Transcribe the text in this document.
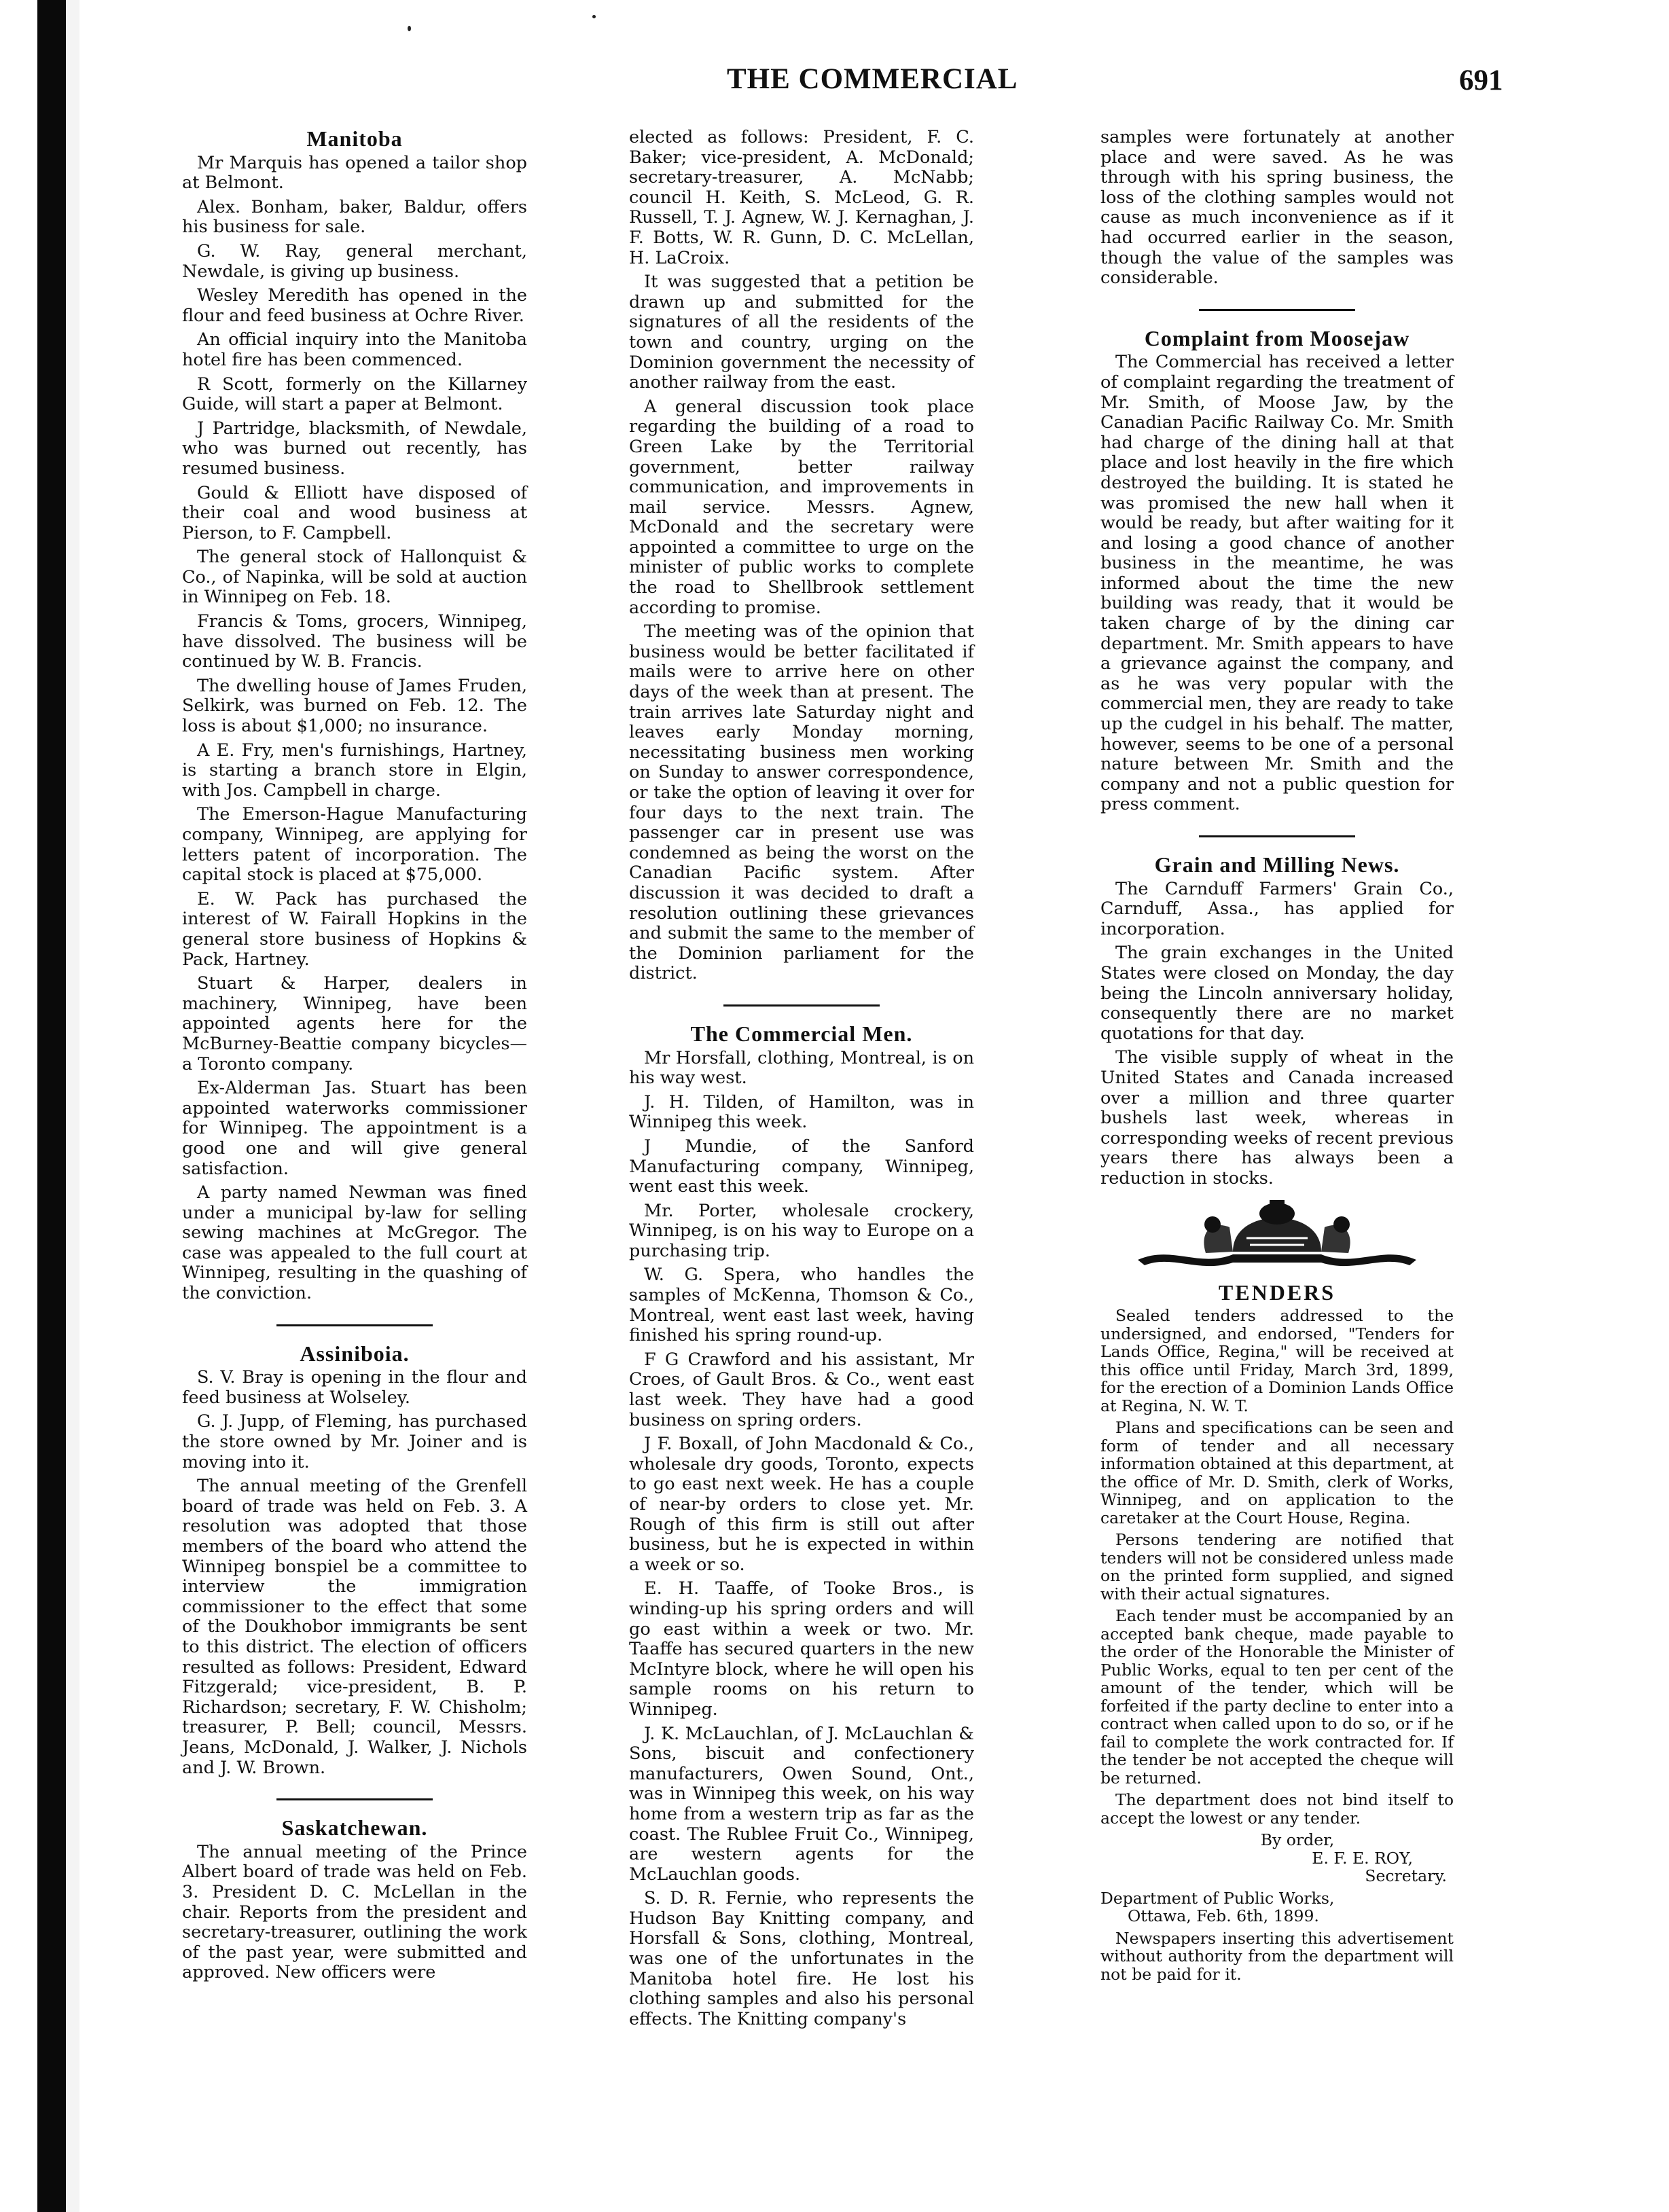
THE COMMERCIAL	691
Manitoba

Mr Marquis has opened a tailor shop at Belmont.

Alex. Bonham, baker, Baldur, offers his business for sale.

G. W. Ray, general merchant, Newdale, is giving up business.

Wesley Meredith has opened in the flour and feed business at Ochre River.

An official inquiry into the Manitoba hotel fire has been commenced.

R Scott, formerly on the Killarney Guide, will start a paper at Belmont.

J Partridge, blacksmith, of Newdale, who was burned out recently, has resumed business.

Gould & Elliott have disposed of their coal and wood business at Pierson, to F. Campbell.

The general stock of Hallonquist & Co., of Napinka, will be sold at auction in Winnipeg on Feb. 18.

Francis & Toms, grocers, Winnipeg, have dissolved. The business will be continued by W. B. Francis.

The dwelling house of James Fruden, Selkirk, was burned on Feb. 12. The loss is about $1,000; no insurance.

A E. Fry, men's furnishings, Hartney, is starting a branch store in Elgin, with Jos. Campbell in charge.

The Emerson-Hague Manufacturing company, Winnipeg, are applying for letters patent of incorporation. The capital stock is placed at $75,000.

E. W. Pack has purchased the interest of W. Fairall Hopkins in the general store business of Hopkins & Pack, Hartney.

Stuart & Harper, dealers in machinery, Winnipeg, have been appointed agents here for the McBurney-Beattie company bicycles—a Toronto company.

Ex-Alderman Jas. Stuart has been appointed waterworks commissioner for Winnipeg. The appointment is a good one and will give general satisfaction.

A party named Newman was fined under a municipal by-law for selling sewing machines at McGregor. The case was appealed to the full court at Winnipeg, resulting in the quashing of the conviction.

Assiniboia.

S. V. Bray is opening in the flour and feed business at Wolseley.

G. J. Jupp, of Fleming, has purchased the store owned by Mr. Joiner and is moving into it.

The annual meeting of the Grenfell board of trade was held on Feb. 3. A resolution was adopted that those members of the board who attend the Winnipeg bonspiel be a committee to interview the immigration commissioner to the effect that some of the Doukhobor immigrants be sent to this district. The election of officers resulted as follows: President, Edward Fitzgerald; vice-president, B. P. Richardson; secretary, F. W. Chisholm; treasurer, P. Bell; council, Messrs. Jeans, McDonald, J. Walker, J. Nichols and J. W. Brown.

Saskatchewan.

The annual meeting of the Prince Albert board of trade was held on Feb. 3. President D. C. McLellan in the chair. Reports from the president and secretary-treasurer, outlining the work of the past year, were submitted and approved. New officers were

elected as follows: President, F. C. Baker; vice-president, A. McDonald; secretary-treasurer, A. McNabb; council H. Keith, S. McLeod, G. R. Russell, T. J. Agnew, W. J. Kernaghan, J. F. Botts, W. R. Gunn, D. C. McLellan, H. LaCroix.

It was suggested that a petition be drawn up and submitted for the signatures of all the residents of the town and country, urging on the Dominion government the necessity of another railway from the east.

A general discussion took place regarding the building of a road to Green Lake by the Territorial government, better railway communication, and improvements in mail service. Messrs. Agnew, McDonald and the secretary were appointed a committee to urge on the minister of public works to complete the road to Shellbrook settlement according to promise.

The meeting was of the opinion that business would be better facilitated if mails were to arrive here on other days of the week than at present. The train arrives late Saturday night and leaves early Monday morning, necessitating business men working on Sunday to answer correspondence, or take the option of leaving it over for four days to the next train. The passenger car in present use was condemned as being the worst on the Canadian Pacific system. After discussion it was decided to draft a resolution outlining these grievances and submit the same to the member of the Dominion parliament for the district.

The Commercial Men.

Mr Horsfall, clothing, Montreal, is on his way west.

J. H. Tilden, of Hamilton, was in Winnipeg this week.

J Mundie, of the Sanford Manufacturing company, Winnipeg, went east this week.

Mr. Porter, wholesale crockery, Winnipeg, is on his way to Europe on a purchasing trip.

W. G. Spera, who handles the samples of McKenna, Thomson & Co., Montreal, went east last week, having finished his spring round-up.

F G Crawford and his assistant, Mr Croes, of Gault Bros. & Co., went east last week. They have had a good business on spring orders.

J F. Boxall, of John Macdonald & Co., wholesale dry goods, Toronto, expects to go east next week. He has a couple of near-by orders to close yet. Mr. Rough of this firm is still out after business, but he is expected in within a week or so.

E. H. Taaffe, of Tooke Bros., is winding-up his spring orders and will go east within a week or two. Mr. Taaffe has secured quarters in the new McIntyre block, where he will open his sample rooms on his return to Winnipeg.

J. K. McLauchlan, of J. McLauchlan & Sons, biscuit and confectionery manufacturers, Owen Sound, Ont., was in Winnipeg this week, on his way home from a western trip as far as the coast. The Rublee Fruit Co., Winnipeg, are western agents for the McLauchlan goods.

S. D. R. Fernie, who represents the Hudson Bay Knitting company, and Horsfall & Sons, clothing, Montreal, was one of the unfortunates in the Manitoba hotel fire. He lost his clothing samples and also his personal effects. The Knitting company's

samples were fortunately at another place and were saved. As he was through with his spring business, the loss of the clothing samples would not cause as much inconvenience as if it had occurred earlier in the season, though the value of the samples was considerable.

Complaint from Moosejaw

The Commercial has received a letter of complaint regarding the treatment of Mr. Smith, of Moose Jaw, by the Canadian Pacific Railway Co. Mr. Smith had charge of the dining hall at that place and lost heavily in the fire which destroyed the building. It is stated he was promised the new hall when it would be ready, but after waiting for it and losing a good chance of another business in the meantime, he was informed about the time the new building was ready, that it would be taken charge of by the dining car department. Mr. Smith appears to have a grievance against the company, and as he was very popular with the commercial men, they are ready to take up the cudgel in his behalf. The matter, however, seems to be one of a personal nature between Mr. Smith and the company and not a public question for press comment.

Grain and Milling News.

The Carnduff Farmers' Grain Co., Carnduff, Assa., has applied for incorporation.

The grain exchanges in the United States were closed on Monday, the day being the Lincoln anniversary holiday, consequently there are no market quotations for that day.

The visible supply of wheat in the United States and Canada increased over a million and three quarter bushels last week, whereas in corresponding weeks of recent previous years there has always been a reduction in stocks.

TENDERS

Sealed tenders addressed to the undersigned, and endorsed, "Tenders for Lands Office, Regina," will be received at this office until Friday, March 3rd, 1899, for the erection of a Dominion Lands Office at Regina, N. W. T.

Plans and specifications can be seen and form of tender and all necessary information obtained at this department, at the office of Mr. D. Smith, clerk of Works, Winnipeg, and on application to the caretaker at the Court House, Regina.

Persons tendering are notified that tenders will not be considered unless made on the printed form supplied, and signed with their actual signatures.

Each tender must be accompanied by an accepted bank cheque, made payable to the order of the Honorable the Minister of Public Works, equal to ten per cent of the amount of the tender, which will be forfeited if the party decline to enter into a contract when called upon to do so, or if he fail to complete the work contracted for. If the tender be not accepted the cheque will be returned.

The department does not bind itself to accept the lowest or any tender.

By order,

E. F. E. ROY,

Secretary.

Department of Public Works,

Ottawa, Feb. 6th, 1899.

Newspapers inserting this advertisement without authority from the department will not be paid for it.
